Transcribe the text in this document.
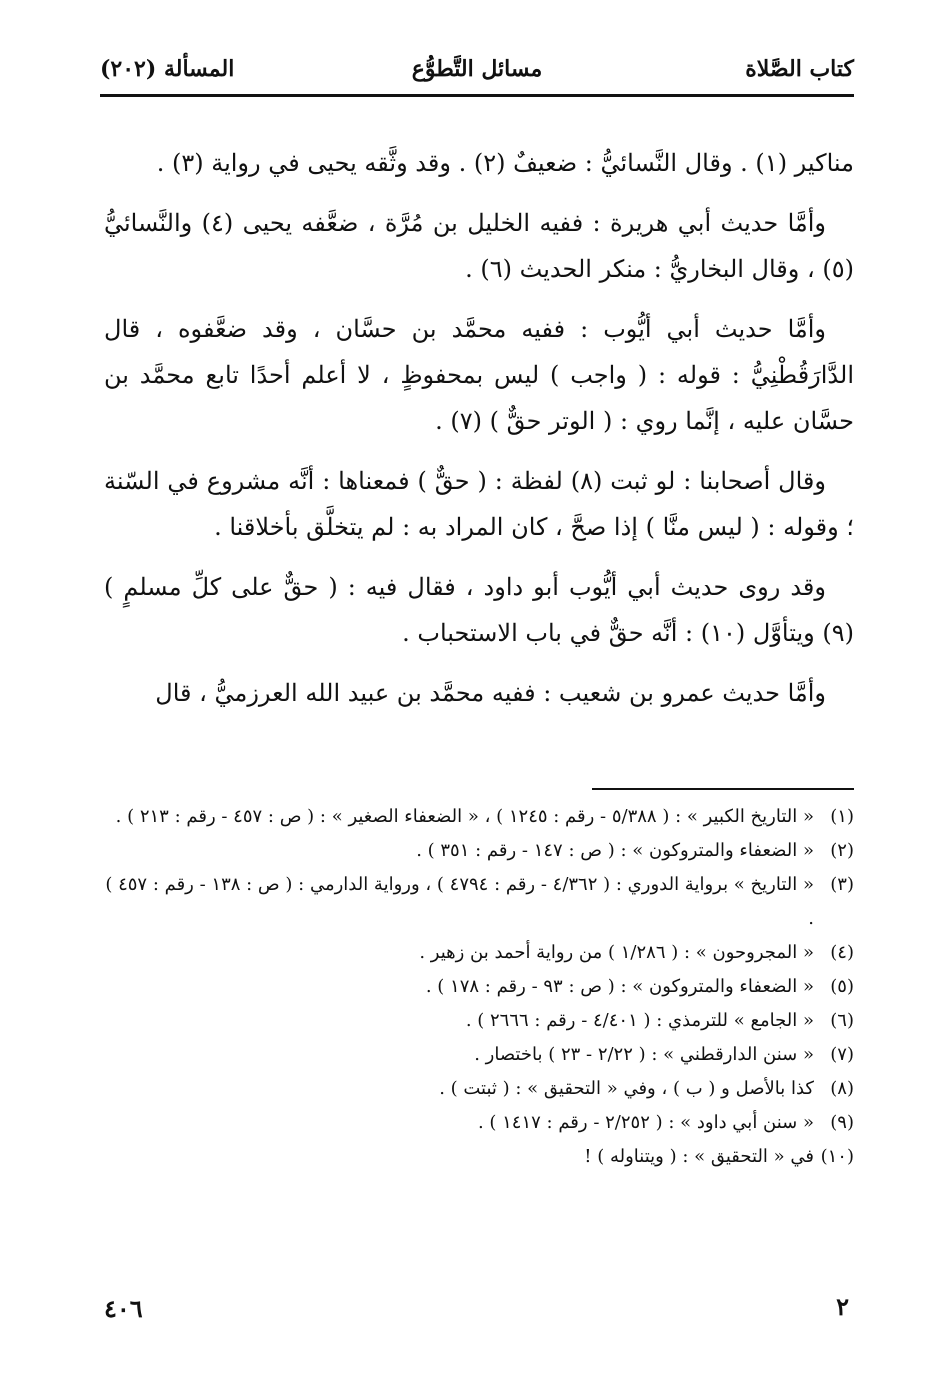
كتاب الصَّلاة
مسائل التَّطوُّع
المسألة (٢٠٢)

مناكير (١) . وقال النَّسائيُّ : ضعيفٌ (٢) . وقد وثَّقه يحيى في رواية (٣) .

وأمَّا حديث أبي هريرة : ففيه الخليل بن مُرَّة ، ضعَّفه يحيى (٤) والنَّسائيُّ (٥) ، وقال البخاريُّ : منكر الحديث (٦) .

وأمَّا حديث أبي أيُّوب : ففيه محمَّد بن حسَّان ، وقد ضعَّفوه ، قال الدَّارَقُطْنِيُّ : قوله : ( واجب ) ليس بمحفوظٍ ، لا أعلم أحدًا تابع محمَّد بن حسَّان عليه ، إنَّما روي : ( الوتر حقٌّ ) (٧) .

وقال أصحابنا : لو ثبت (٨) لفظة : ( حقٌّ ) فمعناها : أنَّه مشروع في السّنة ؛ وقوله : ( ليس منَّا ) إذا صحَّ ، كان المراد به : لم يتخلَّق بأخلاقنا .

وقد روى حديث أبي أيُّوب أبو داود ، فقال فيه : ( حقٌّ على كلِّ مسلمٍ ) (٩) ويتأوَّل (١٠) : أنَّه حقٌّ في باب الاستحباب .

وأمَّا حديث عمرو بن شعيب : ففيه محمَّد بن عبيد الله العرزميُّ ، قال

(١)« التاريخ الكبير » : ( ٥/٣٨٨ - رقم : ١٢٤٥ ) ، « الضعفاء الصغير » : ( ص : ٤٥٧ - رقم : ٢١٣ ) .

(٢)« الضعفاء والمتروكون » : ( ص : ١٤٧ - رقم : ٣٥١ ) .

(٣)« التاريخ » برواية الدوري : ( ٤/٣٦٢ - رقم : ٤٧٩٤ ) ، ورواية الدارمي : ( ص : ١٣٨ - رقم : ٤٥٧ ) .

(٤)« المجروحون » : ( ١/٢٨٦ ) من رواية أحمد بن زهير .

(٥)« الضعفاء والمتروكون » : ( ص : ٩٣ - رقم : ١٧٨ ) .

(٦)« الجامع » للترمذي : ( ٤/٤٠١ - رقم : ٢٦٦٦ ) .

(٧)« سنن الدارقطني » : ( ٢/٢٢ - ٢٣ ) باختصار .

(٨)كذا بالأصل و ( ب ) ، وفي « التحقيق » : ( ثبتت ) .

(٩)« سنن أبي داود » : ( ٢/٢٥٢ - رقم : ١٤١٧ ) .

(١٠)في « التحقيق » : ( ويتناوله ) !

٢
٤٠٦
